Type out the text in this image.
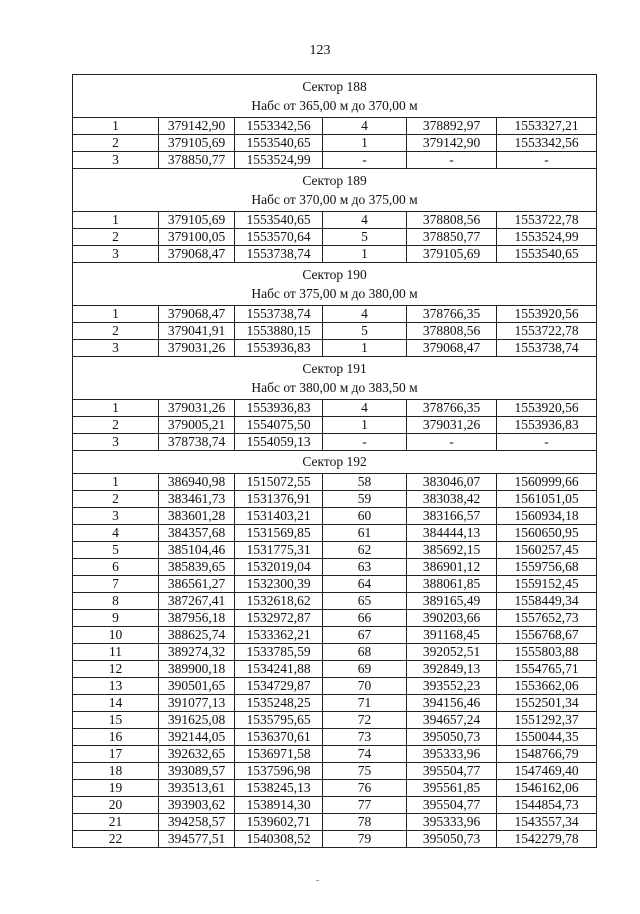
123
Сектор 188
Набс от 365,00 м до 370,00 м					

1	379142,90	1553342,56	4	378892,97	1553327,21
2	379105,69	1553540,65	1	379142,90	1553342,56
3	378850,77	1553524,99	-	-	-

Сектор 189
Набс от 370,00 м до 375,00 м					

1	379105,69	1553540,65	4	378808,56	1553722,78
2	379100,05	1553570,64	5	378850,77	1553524,99
3	379068,47	1553738,74	1	379105,69	1553540,65

Сектор 190
Набс от 375,00 м до 380,00 м					

1	379068,47	1553738,74	4	378766,35	1553920,56
2	379041,91	1553880,15	5	378808,56	1553722,78
3	379031,26	1553936,83	1	379068,47	1553738,74

Сектор 191
Набс от 380,00 м до 383,50 м					

1	379031,26	1553936,83	4	378766,35	1553920,56
2	379005,21	1554075,50	1	379031,26	1553936,83
3	378738,74	1554059,13	-	-	-

Сектор 192					

1	386940,98	1515072,55	58	383046,07	1560999,66
2	383461,73	1531376,91	59	383038,42	1561051,05
3	383601,28	1531403,21	60	383166,57	1560934,18
4	384357,68	1531569,85	61	384444,13	1560650,95
5	385104,46	1531775,31	62	385692,15	1560257,45
6	385839,65	1532019,04	63	386901,12	1559756,68
7	386561,27	1532300,39	64	388061,85	1559152,45
8	387267,41	1532618,62	65	389165,49	1558449,34
9	387956,18	1532972,87	66	390203,66	1557652,73
10	388625,74	1533362,21	67	391168,45	1556768,67
11	389274,32	1533785,59	68	392052,51	1555803,88
12	389900,18	1534241,88	69	392849,13	1554765,71
13	390501,65	1534729,87	70	393552,23	1553662,06
14	391077,13	1535248,25	71	394156,46	1552501,34
15	391625,08	1535795,65	72	394657,24	1551292,37
16	392144,05	1536370,61	73	395050,73	1550044,35
17	392632,65	1536971,58	74	395333,96	1548766,79
18	393089,57	1537596,98	75	395504,77	1547469,40
19	393513,61	1538245,13	76	395561,85	1546162,06
20	393903,62	1538914,30	77	395504,77	1544854,73
21	394258,57	1539602,71	78	395333,96	1543557,34
22	394577,51	1540308,52	79	395050,73	1542279,78
